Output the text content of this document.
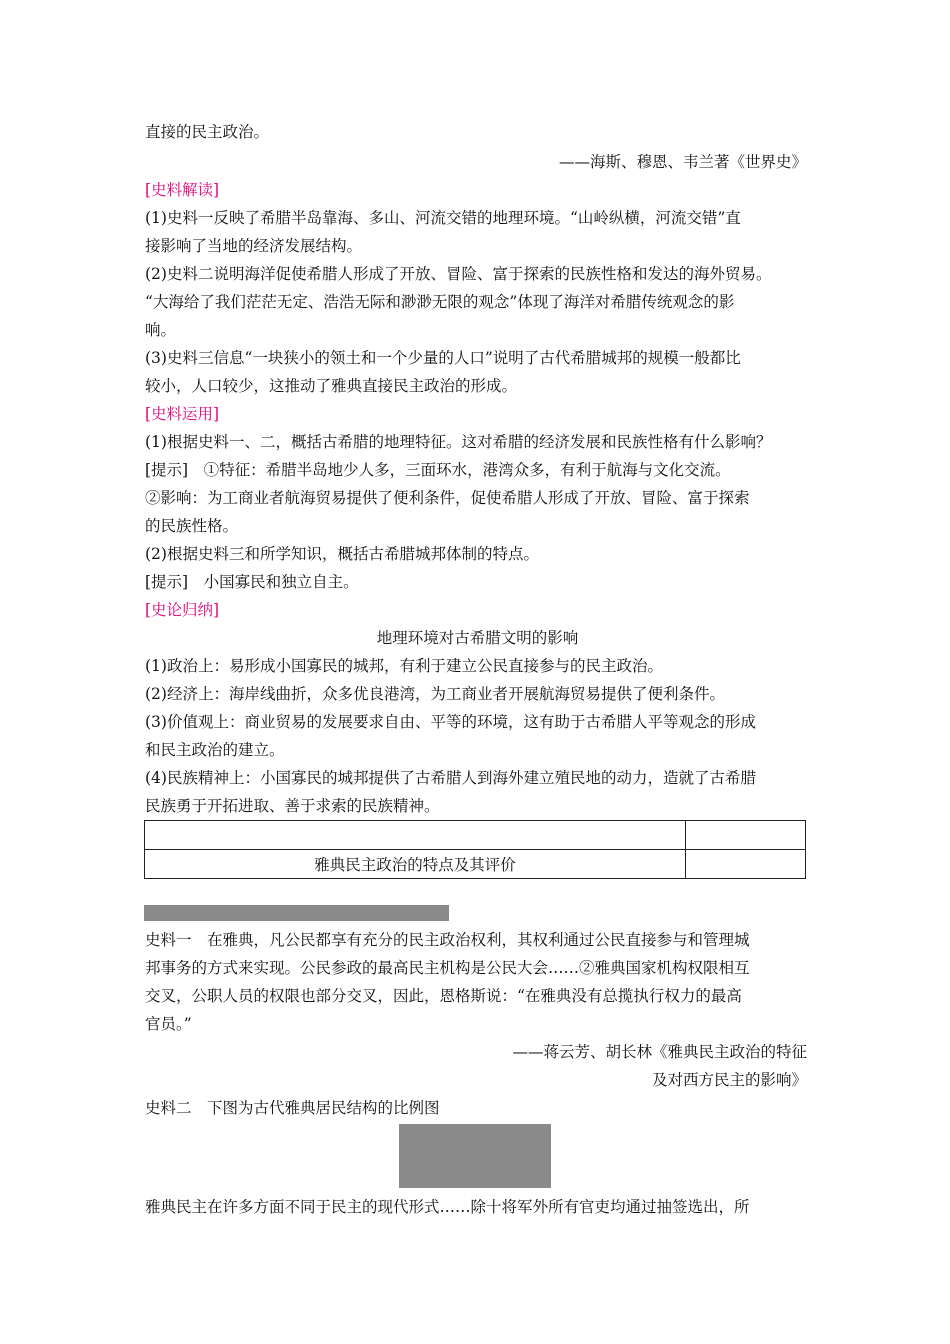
直接的民主政治。
——海斯、穆恩、韦兰著《世界史》
[史料解读]
(1)史料一反映了希腊半岛靠海、多山、河流交错的地理环境。“山岭纵横，河流交错”直
接影响了当地的经济发展结构。
(2)史料二说明海洋促使希腊人形成了开放、冒险、富于探索的民族性格和发达的海外贸易。
“大海给了我们茫茫无定、浩浩无际和渺渺无限的观念”体现了海洋对希腊传统观念的影
响。
(3)史料三信息“一块狭小的领土和一个少量的人口”说明了古代希腊城邦的规模一般都比
较小，人口较少，这推动了雅典直接民主政治的形成。
[史料运用]
(1)根据史料一、二，概括古希腊的地理特征。这对希腊的经济发展和民族性格有什么影响？
[提示]　①特征：希腊半岛地少人多，三面环水，港湾众多，有利于航海与文化交流。
②影响：为工商业者航海贸易提供了便利条件，促使希腊人形成了开放、冒险、富于探索
的民族性格。
(2)根据史料三和所学知识，概括古希腊城邦体制的特点。
[提示]　小国寡民和独立自主。
[史论归纳]
地理环境对古希腊文明的影响
(1)政治上：易形成小国寡民的城邦，有利于建立公民直接参与的民主政治。
(2)经济上：海岸线曲折，众多优良港湾，为工商业者开展航海贸易提供了便利条件。
(3)价值观上：商业贸易的发展要求自由、平等的环境，这有助于古希腊人平等观念的形成
和民主政治的建立。
(4)民族精神上：小国寡民的城邦提供了古希腊人到海外建立殖民地的动力，造就了古希腊
民族勇于开拓进取、善于求索的民族精神。

雅典民主政治的特点及其评价	
史料一　在雅典，凡公民都享有充分的民主政治权利，其权利通过公民直接参与和管理城
邦事务的方式来实现。公民参政的最高民主机构是公民大会……②雅典国家机构权限相互
交叉，公职人员的权限也部分交叉，因此，恩格斯说：“在雅典没有总揽执行权力的最高
官员。”
——蒋云芳、胡长林《雅典民主政治的特征
及对西方民主的影响》
史料二　下图为古代雅典居民结构的比例图
雅典民主在许多方面不同于民主的现代形式……除十将军外所有官吏均通过抽签选出，所
